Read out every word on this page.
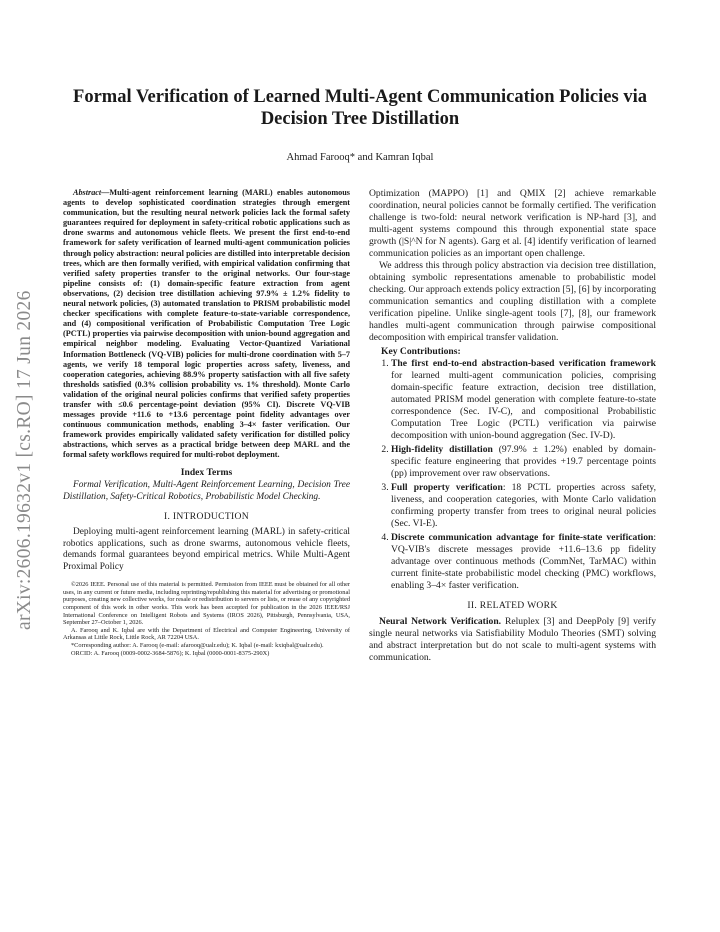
arXiv:2606.19632v1 [cs.RO] 17 Jun 2026
Formal Verification of Learned Multi-Agent Communication Policies via Decision Tree Distillation
Ahmad Farooq* and Kamran Iqbal

Abstract—Multi-agent reinforcement learning (MARL) enables autonomous agents to develop sophisticated coordination strategies through emergent communication, but the resulting neural network policies lack the formal safety guarantees required for deployment in safety-critical robotic applications such as drone swarms and autonomous vehicle fleets. We present the first end-to-end framework for safety verification of learned multi-agent communication policies through policy abstraction: neural policies are distilled into interpretable decision trees, which are then formally verified, with empirical validation confirming that verified safety properties transfer to the original networks. Our four-stage pipeline consists of: (1) domain-specific feature extraction from agent observations, (2) decision tree distillation achieving 97.9% ± 1.2% fidelity to neural network policies, (3) automated translation to PRISM probabilistic model checker specifications with complete feature-to-state-variable correspondence, and (4) compositional verification of Probabilistic Computation Tree Logic (PCTL) properties via pairwise decomposition with union-bound aggregation and empirical neighbor modeling. Evaluating Vector-Quantized Variational Information Bottleneck (VQ-VIB) policies for multi-drone coordination with 5–7 agents, we verify 18 temporal logic properties across safety, liveness, and cooperation categories, achieving 88.9% property satisfaction with all five safety thresholds satisfied (0.3% collision probability vs. 1% threshold). Monte Carlo validation of the original neural policies confirms that verified safety properties transfer with ≤0.6 percentage-point deviation (95% CI). Discrete VQ-VIB messages provide +11.6 to +13.6 percentage point fidelity advantages over continuous communication methods, enabling 3–4× faster verification. Our framework provides empirically validated safety verification for distilled policy abstractions, which serves as a practical bridge between deep MARL and the formal safety workflows required for multi-robot deployment.

Index Terms

Formal Verification, Multi-Agent Reinforcement Learning, Decision Tree Distillation, Safety-Critical Robotics, Probabilistic Model Checking.

I. INTRODUCTION

Deploying multi-agent reinforcement learning (MARL) in safety-critical robotics applications, such as drone swarms, autonomous vehicle fleets, demands formal guarantees beyond empirical metrics. While Multi-Agent Proximal Policy

©2026 IEEE. Personal use of this material is permitted. Permission from IEEE must be obtained for all other uses, in any current or future media, including reprinting/republishing this material for advertising or promotional purposes, creating new collective works, for resale or redistribution to servers or lists, or reuse of any copyrighted component of this work in other works. This work has been accepted for publication in the 2026 IEEE/RSJ International Conference on Intelligent Robots and Systems (IROS 2026), Pittsburgh, Pennsylvania, USA, September 27–October 1, 2026.

A. Farooq and K. Iqbal are with the Department of Electrical and Computer Engineering, University of Arkansas at Little Rock, Little Rock, AR 72204 USA.

*Corresponding author: A. Farooq (e-mail: afarooq@ualr.edu); K. Iqbal (e-mail: kxiqbal@ualr.edu).

ORCID: A. Farooq (0009-0002-3684-5876); K. Iqbal (0000-0001-8375-290X)

Optimization (MAPPO) [1] and QMIX [2] achieve remarkable coordination, neural policies cannot be formally certified. The verification challenge is two-fold: neural network verification is NP-hard [3], and multi-agent systems compound this through exponential state space growth (|S|^N for N agents). Garg et al. [4] identify verification of learned communication policies as an important open challenge.

We address this through policy abstraction via decision tree distillation, obtaining symbolic representations amenable to probabilistic model checking. Our approach extends policy extraction [5], [6] by incorporating communication semantics and coupling distillation with a complete verification pipeline. Unlike single-agent tools [7], [8], our framework handles multi-agent communication through pairwise compositional decomposition with empirical transfer validation.

Key Contributions:
1. The first end-to-end abstraction-based verification framework for learned multi-agent communication policies, comprising domain-specific feature extraction, decision tree distillation, automated PRISM model generation with complete feature-to-state correspondence (Sec. IV-C), and compositional Probabilistic Computation Tree Logic (PCTL) verification via pairwise decomposition with union-bound aggregation (Sec. IV-D).
2. High-fidelity distillation (97.9% ± 1.2%) enabled by domain-specific feature engineering that provides +19.7 percentage points (pp) improvement over raw observations.
3. Full property verification: 18 PCTL properties across safety, liveness, and cooperation categories, with Monte Carlo validation confirming property transfer from trees to original neural policies (Sec. VI-E).
4. Discrete communication advantage for finite-state verification: VQ-VIB's discrete messages provide +11.6–13.6 pp fidelity advantage over continuous methods (CommNet, TarMAC) within current finite-state probabilistic model checking (PMC) workflows, enabling 3–4× faster verification.
II. RELATED WORK

Neural Network Verification. Reluplex [3] and DeepPoly [9] verify single neural networks via Satisfiability Modulo Theories (SMT) solving and abstract interpretation but do not scale to multi-agent systems with communication.
